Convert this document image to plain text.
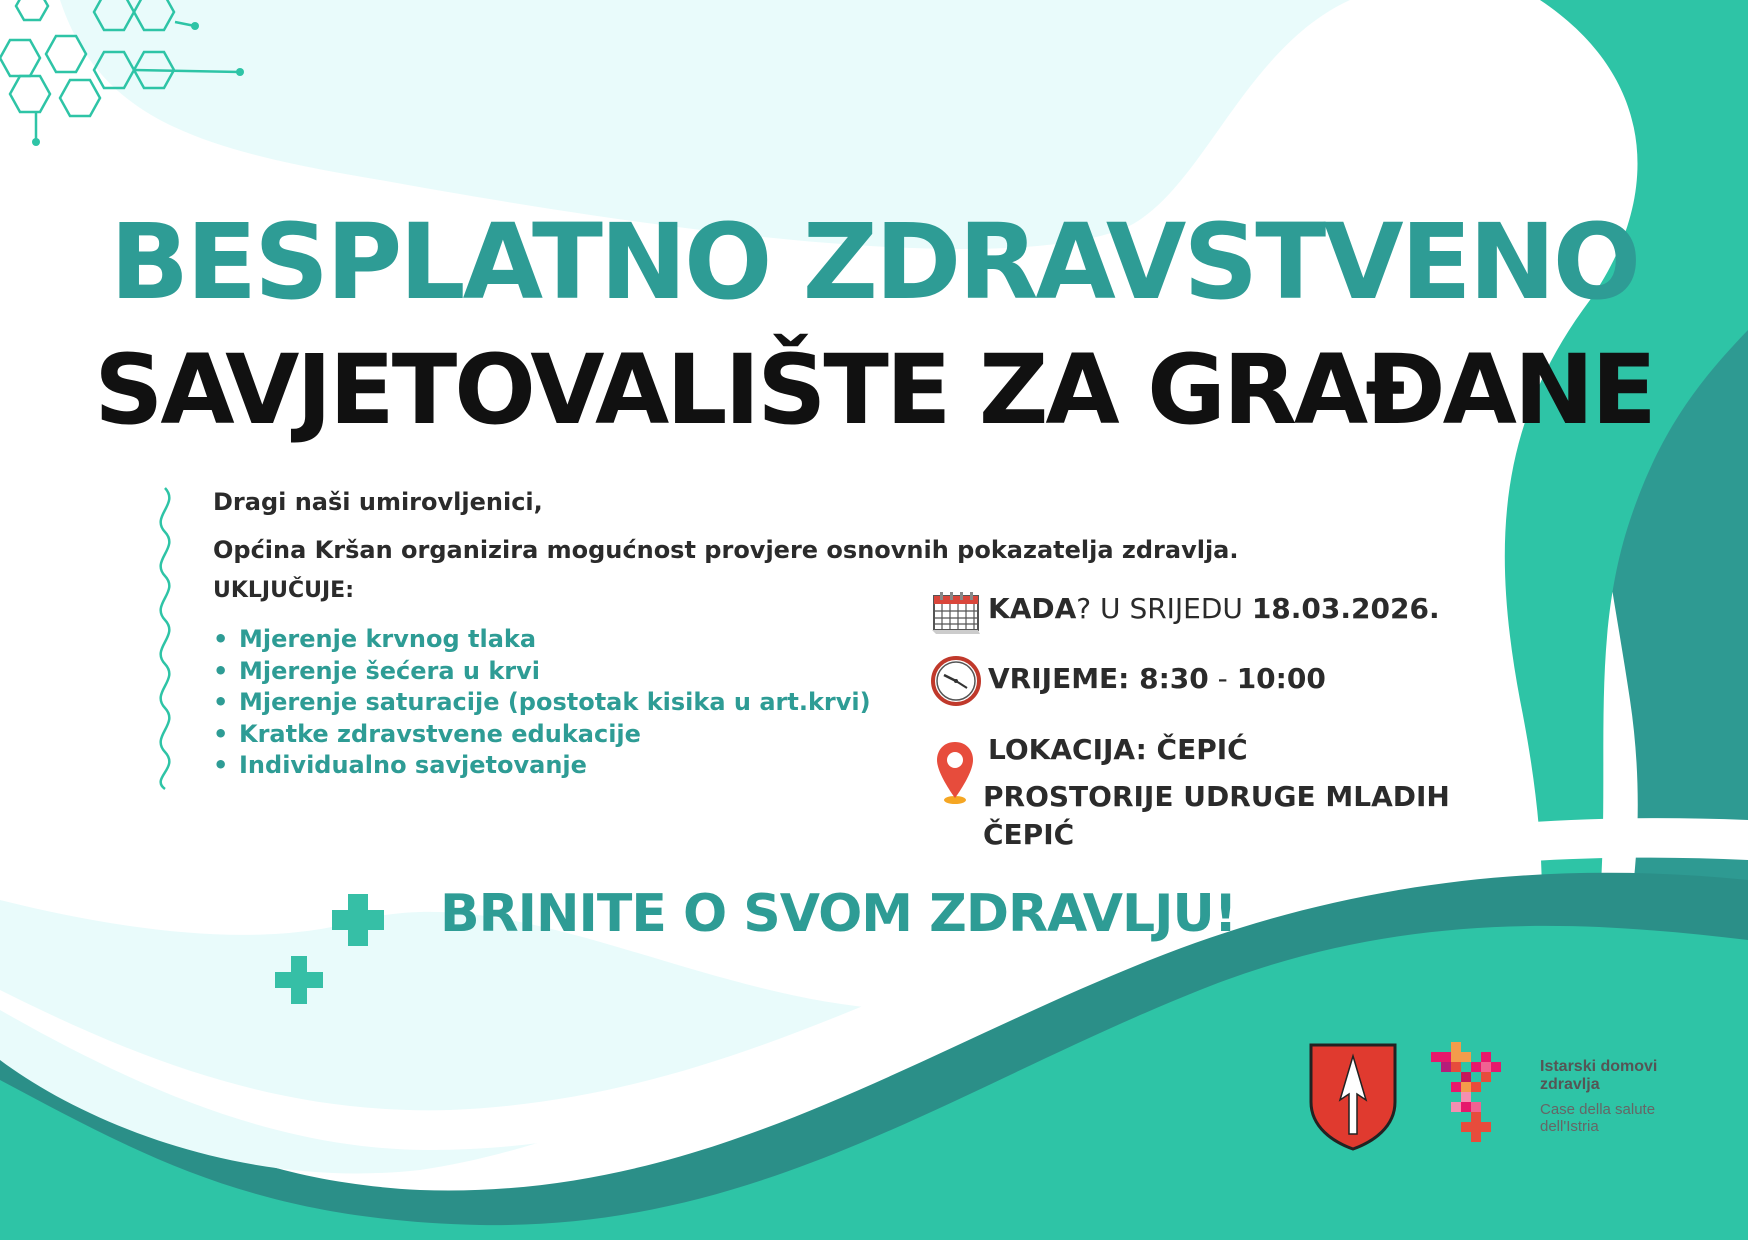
BESPLATNO ZDRAVSTVENO
SAVJETOVALIŠTE ZA GRAĐANE
Dragi naši umirovljenici,
Općina Kršan organizira mogućnost provjere osnovnih pokazatelja zdravlja.
UKLJUČUJE:
• Mjerenje krvnog tlaka
• Mjerenje šećera u krvi
• Mjerenje saturacije (postotak kisika u art.krvi)
• Kratke zdravstvene edukacije
• Individualno savjetovanje
KADA? U SRIJEDU 18.03.2026.
VRIJEME: 8:30 - 10:00
LOKACIJA: ČEPIĆ
PROSTORIJE UDRUGE MLADIH
ČEPIĆ
BRINITE O SVOM ZDRAVLJU!
Istarski domovi
zdravlja
Case della salute
dell'Istria
